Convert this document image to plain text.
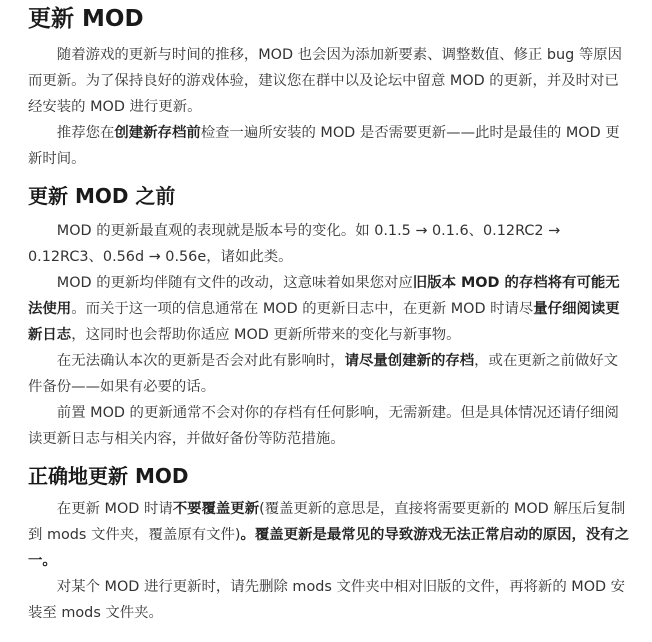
更新 MOD

随着游戏的更新与时间的推移，MOD 也会因为添加新要素、调整数值、修正 bug 等原因而更新。为了保持良好的游戏体验，建议您在群中以及论坛中留意 MOD 的更新，并及时对已经安装的 MOD 进行更新。

推荐您在创建新存档前检查一遍所安装的 MOD 是否需要更新——此时是最佳的 MOD 更新时间。

更新 MOD 之前

MOD 的更新最直观的表现就是版本号的变化。如 0.1.5 → 0.1.6、0.12RC2 → 0.12RC3、0.56d → 0.56e，诸如此类。

MOD 的更新均伴随有文件的改动，这意味着如果您对应旧版本 MOD 的存档将有可能无法使用。而关于这一项的信息通常在 MOD 的更新日志中，在更新 MOD 时请尽量仔细阅读更新日志，这同时也会帮助你适应 MOD 更新所带来的变化与新事物。

在无法确认本次的更新是否会对此有影响时，请尽量创建新的存档，或在更新之前做好文件备份——如果有必要的话。

前置 MOD 的更新通常不会对你的存档有任何影响，无需新建。但是具体情况还请仔细阅读更新日志与相关内容，并做好备份等防范措施。

正确地更新 MOD

在更新 MOD 时请不要覆盖更新(覆盖更新的意思是，直接将需要更新的 MOD 解压后复制到 mods 文件夹，覆盖原有文件)。覆盖更新是最常见的导致游戏无法正常启动的原因，没有之一。

对某个 MOD 进行更新时，请先删除 mods 文件夹中相对旧版的文件，再将新的 MOD 安装至 mods 文件夹。
